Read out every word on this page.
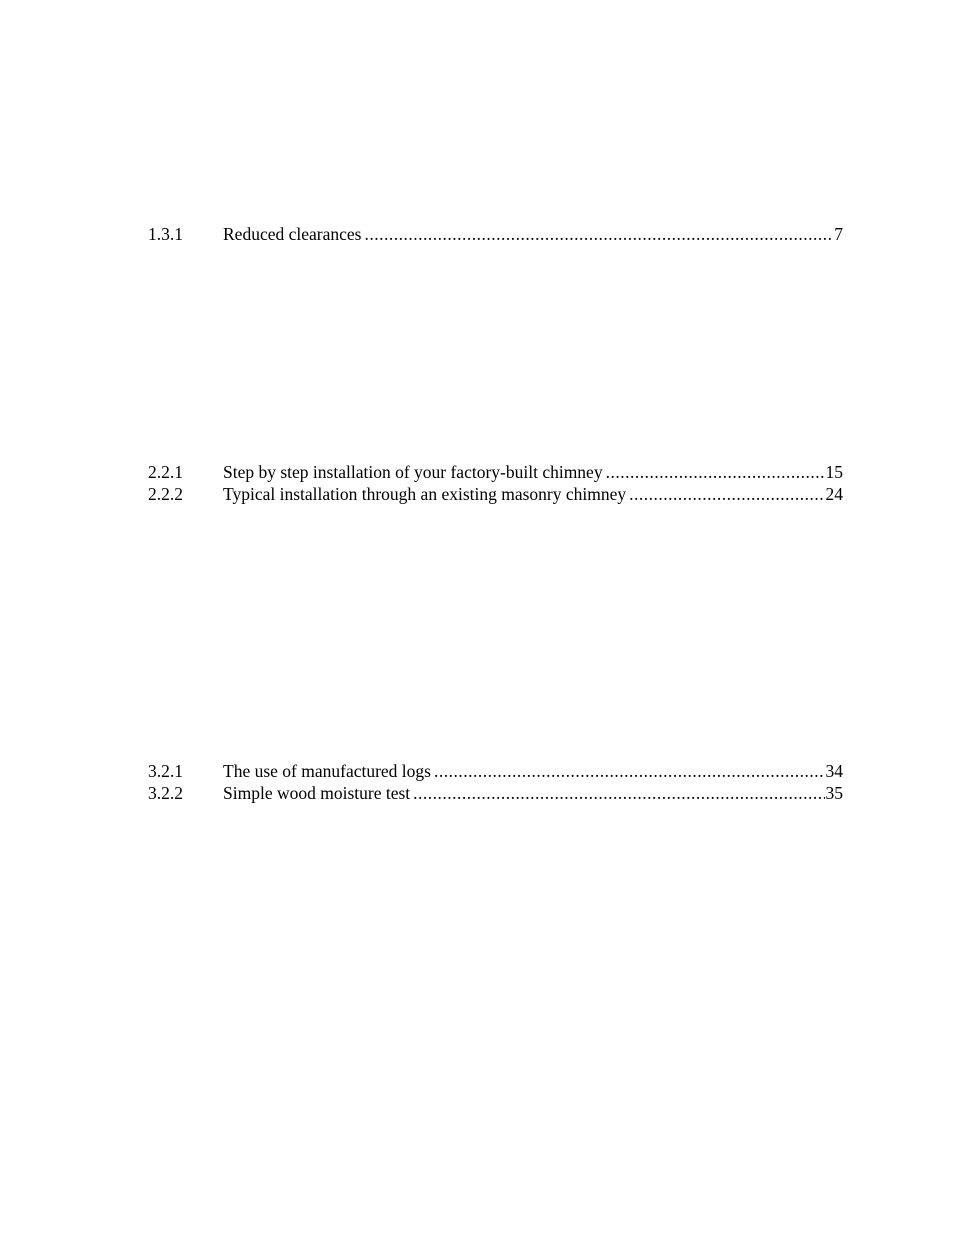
1.3.1	Reduced clearances .....	7
2.2.1	Step by step installation of your factory-built chimney .....	15
2.2.2	Typical installation through an existing masonry chimney .....	24
3.2.1	The use of manufactured logs .....	34
3.2.2	Simple wood moisture test .....	35
